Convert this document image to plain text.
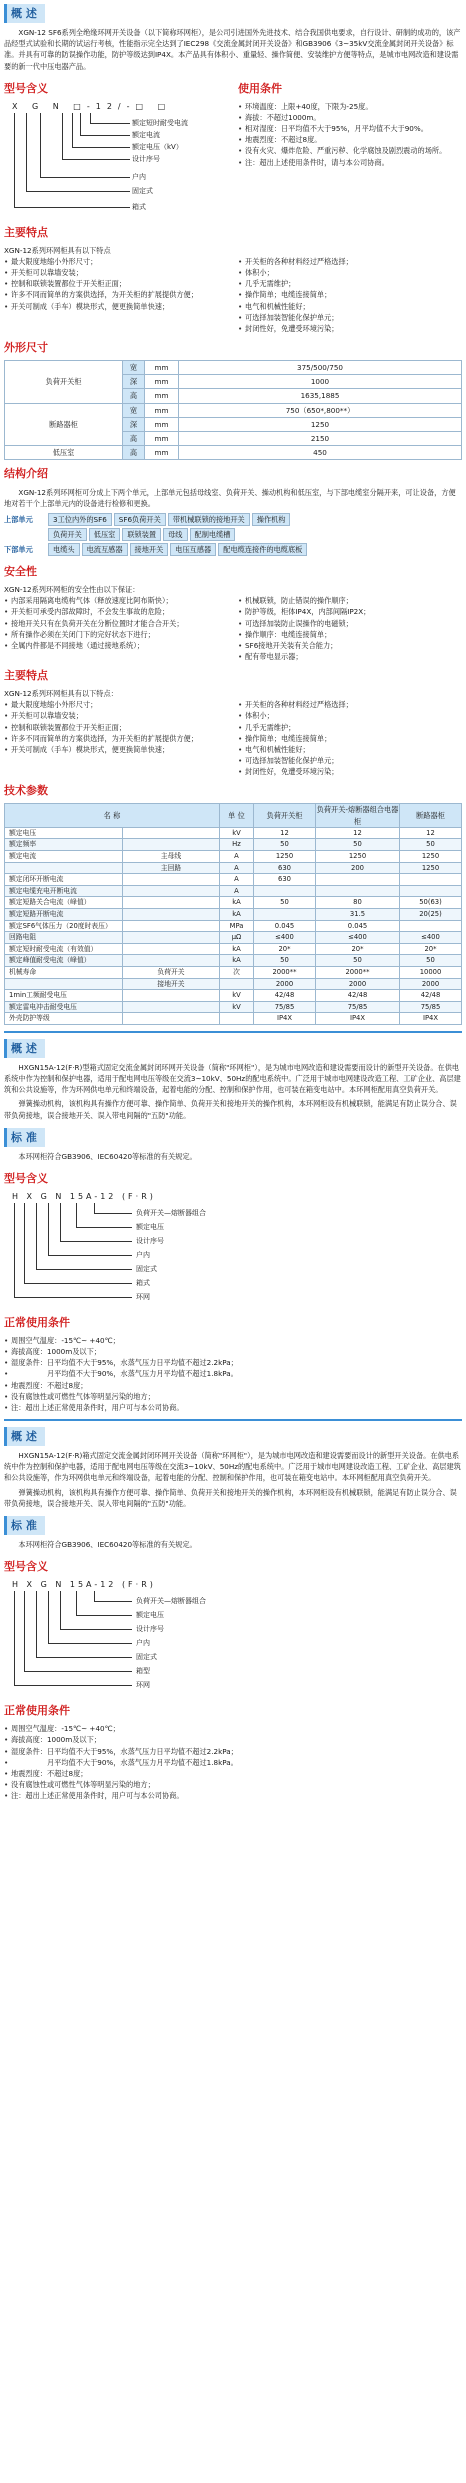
概 述

XGN-12 SF6系列全绝缘环网开关设备（以下简称环网柜），是公司引进国外先进技术、结合我国供电要求，自行设计、研制的成功的，该产品经型式试验和长期的试运行考核，性能指示完全达到了IEC298《交流金属封闭开关设备》和GB3906《3~35kV交流金属封闭开关设备》标准。并具有可靠的防误操作功能，防护等级达到IP4X。本产品具有体积小、重量轻、操作简便、安装维护方便等特点，是城市电网改造和建设需要的新一代中压电器产品。

型号含义
X G N □-12/-□ □
额定短时耐受电流
额定电流
额定电压（kV）
设计序号
户内
固定式
箱式
使用条件
• 环境温度：上限+40度，下限为-25度。
• 海拔：不超过1000m。
• 相对湿度：日平均值不大于95%，月平均值不大于90%。
• 地震烈度：不超过8度。
• 没有火灾、爆炸危险、严重污秽、化学腐蚀及剧烈震动的场所。
• 注：超出上述使用条件时，请与本公司协商。
主要特点
XGN-12系列环网柜具有以下特点
• 最大限度地缩小外形尺寸；
• 开关柜可以靠墙安装；
• 控制和联锁装置都位于开关柜正面；
• 许多不同而简单的方案供选择，为开关柜的扩展提供方便；
• 开关可制成（手车）模块形式，便更换简单快速；
• 开关柜的各种材料经过严格选择；
• 体积小；
• 几乎无需维护；
• 操作简单；电缆连接简单；
• 电气和机械性能好；
• 可选择加装智能化保护单元；
• 封闭性好，免遭受环境污染；
外形尺寸
负荷开关柜	宽	mm	375/500/750
	深	mm	1000
	高	mm	1635,1885
断路器柜	宽	mm	750（650*,800**）
	深	mm	1250
	高	mm	2150
低压室	高	mm	450
结构介绍

XGN-12系列环网柜可分成上下两个单元，上部单元包括母线室、负荷开关、操动机构和低压室，与下部电缆室分隔开来，可让设备，方便地对若干个上部单元内的设备进行检修和更换。

上部单元	3工位内外的SF6	SF6负荷开关	带机械联锁的接地开关	操作机构
负荷开关	低压室	联锁装置	母线	配制电缆槽
下部单元	电缆头	电流互感器	接地开关	电压互感器	配电缆连接件的电缆底板
安全性
XGN-12系列环网柜的安全性由以下保证：
• 内部采用隔离电缆构气体（释放速度比阿布斯快）；
• 开关柜可承受内部故障时，不会发生事故的危险；
• 接地开关只有在负荷开关在分断位置时才能合合开关；
• 所有操作必须在关闭门下的完好状态下进行；
• 全属内件都是不同接地（通过接地系统）；
• 机械联锁，防止错误的操作顺序；
• 防护等级，柜体IP4X，内部间隔IP2X；
• 可选择加装防止误操作的电磁锁；
• 操作顺序：电缆连接简单；
• SF6接地开关装有关合能力；
• 配有带电显示器；
主要特点
XGN-12系列环网柜具有以下特点：
• 最大限度地缩小外形尺寸；
• 开关柜可以靠墙安装；
• 控制和联锁装置都位于开关柜正面；
• 许多不同而简单的方案供选择，为开关柜的扩展提供方便；
• 开关可制成（手车）模块形式，便更换简单快速；
• 开关柜的各种材料经过严格选择；
• 体积小；
• 几乎无需维护；
• 操作简单；电缆连接简单；
• 电气和机械性能好；
• 可选择加装智能化保护单元；
• 封闭性好，免遭受环境污染；
技术参数
名 称		单 位	负荷开关柜	负荷开关-熔断器组合电器柜	断路器柜
额定电压		kV	12	12	12
额定频率		Hz	50	50	50
额定电流	主母线	A	1250	1250	1250
	主回路	A	630	200	1250
额定闭环开断电流		A	630		
额定电缆充电开断电流		A			
额定短路关合电流（峰值）		kA	50	80	50(63)
额定短路开断电流		kA		31.5	20(25)
额定SF6气体压力（20度时表压）		MPa	0.045	0.045	
回路电阻		μΩ	≤400	≤400	≤400
额定短时耐受电流（有效值）		kA	20*	20*	20*
额定峰值耐受电流（峰值）		kA	50	50	50
机械寿命	负荷开关	次	2000**	2000**	10000
	接地开关		2000	2000	2000
1min工频耐受电压		kV	42/48	42/48	42/48
额定雷电冲击耐受电压		kV	75/85	75/85	75/85
外壳防护等级			IP4X	IP4X	IP4X
概 述

HXGN15A-12(F·R)型箱式固定交流金属封闭环网开关设备（简称"环网柜"），是为城市电网改造和建设需要而设计的新型开关设备。在供电系统中作为控制和保护电器，适用于配电网电压等级在交流3~10kV、50Hz的配电系统中。广泛用于城市电网建设改造工程、工矿企业、高层建筑和公共设施等，作为环网供电单元和终端设备，起着电能的分配、控制和保护作用，也可装在箱变电站中。本环网柜配用真空负荷开关。

弹簧操动机构，该机构具有操作方便可靠、操作简单、负荷开关和接地开关的操作机构，本环网柜设有机械联锁，能满足有防止误分合、误带负荷接地，误合接地开关、误入带电间隔的"五防"功能。

标 准

本环网柜符合GB3906、IEC60420等标准的有关规定。

型号含义
H X G N 15A-12 (F·R)
负荷开关—熔断器组合
额定电压
设计序号
户内
固定式
箱式
环网
正常使用条件
• 周围空气温度：-15℃~ +40℃；
• 海拔高度：1000m及以下；
• 湿度条件：日平均值不大于95%，水蒸气压力日平均值不超过2.2kPa；
• 　　　　　月平均值不大于90%，水蒸气压力月平均值不超过1.8kPa。
• 地震烈度：不超过8度；
• 没有腐蚀性或可燃性气体等明显污染的地方；
• 注：超出上述正常使用条件时，用户可与本公司协商。
概 述

HXGN15A-12(F·R)箱式固定交流金属封闭环网开关设备（简称"环网柜"），是为城市电网改造和建设需要而设计的新型开关设备。在供电系统中作为控制和保护电器，适用于配电网电压等级在交流3~10kV、50Hz的配电系统中。广泛用于城市电网建设改造工程、工矿企业、高层建筑和公共设施等，作为环网供电单元和终端设备，起着电能的分配、控制和保护作用，也可装在箱变电站中。本环网柜配用真空负荷开关。

弹簧操动机构，该机构具有操作方便可靠、操作简单、负荷开关和接地开关的操作机构，本环网柜设有机械联锁，能满足有防止误分合、误带负荷接地，误合接地开关、误入带电间隔的"五防"功能。

标 准

本环网柜符合GB3906、IEC60420等标准的有关规定。

型号含义
H X G N 15A-12 (F·R)
负荷开关—熔断器组合
额定电压
设计序号
户内
固定式
箱型
环网
正常使用条件
• 周围空气温度：-15℃~ +40℃；
• 海拔高度：1000m及以下；
• 湿度条件：日平均值不大于95%，水蒸气压力日平均值不超过2.2kPa；
• 　　　　　月平均值不大于90%，水蒸气压力月平均值不超过1.8kPa。
• 地震烈度：不超过8度；
• 没有腐蚀性或可燃性气体等明显污染的地方；
• 注：超出上述正常使用条件时，用户可与本公司协商。
